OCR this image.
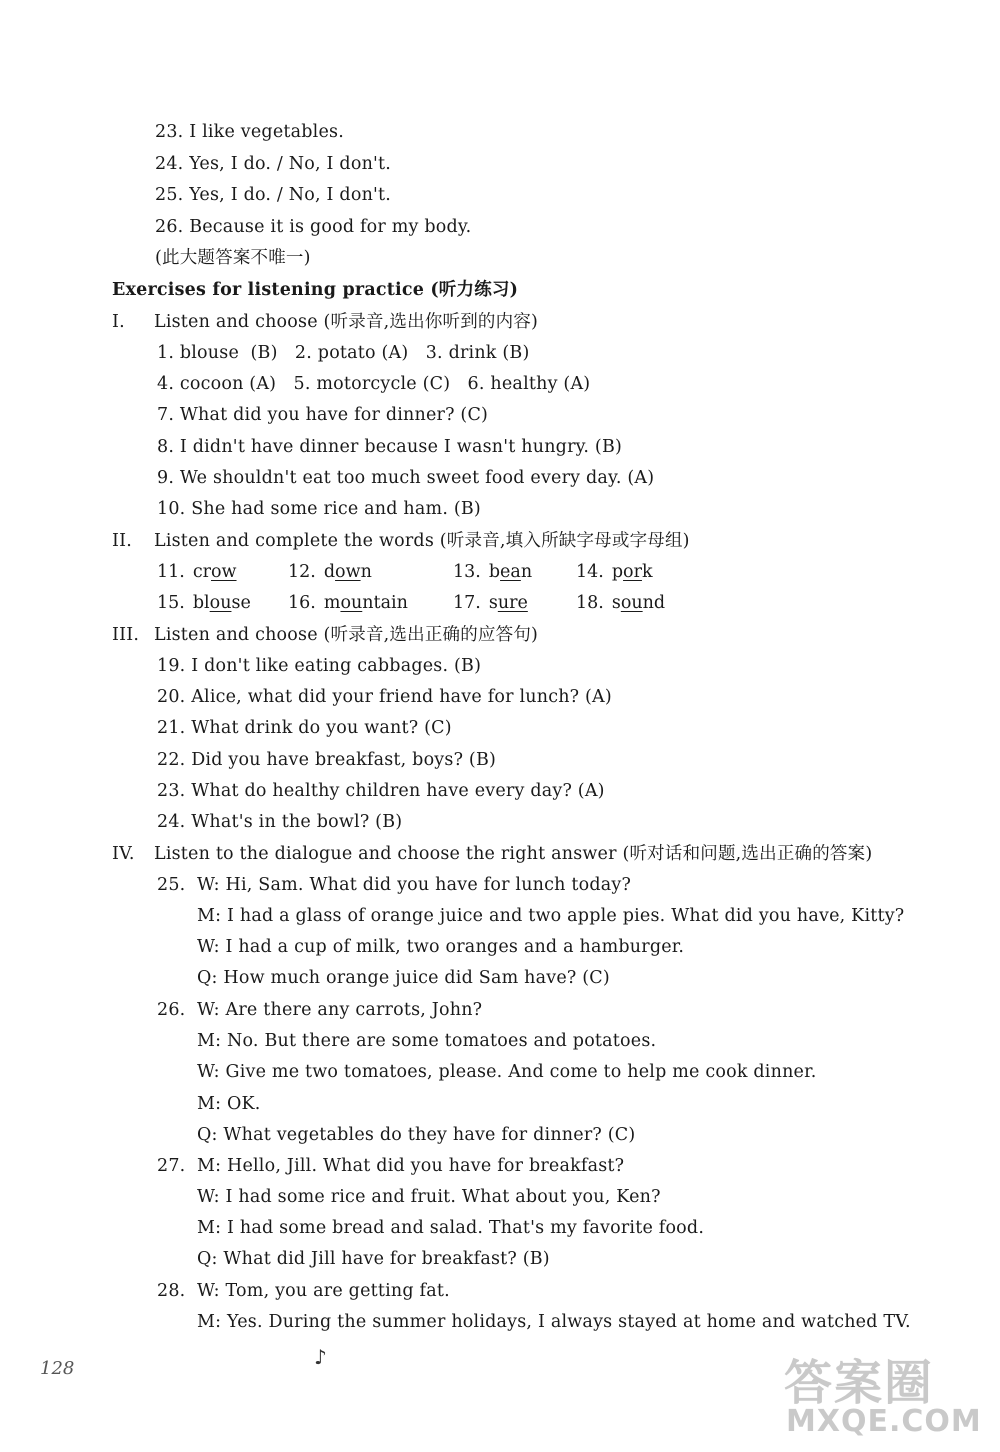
23. I like vegetables.
24. Yes, I do. / No, I don't.
25. Yes, I do. / No, I don't.
26. Because it is good for my body.
(此大题答案不唯一)
Exercises for listening practice (听力练习)
I. Listen and choose (听录音,选出你听到的内容)
1. blouse  (B)   2. potato (A)   3. drink (B)
4. cocoon (A)   5. motorcycle (C)   6. healthy (A)
7. What did you have for dinner? (C)
8. I didn't have dinner because I wasn't hungry. (B)
9. We shouldn't eat too much sweet food every day. (A)
10. She had some rice and ham. (B)
II. Listen and complete the words (听录音,填入所缺字母或字母组)
11. crow	12. down	13. bean	14. pork
15. blouse 16. mountain	17. sure	18. sound
III. Listen and choose (听录音,选出正确的应答句)
19. I don't like eating cabbages. (B)
20. Alice, what did your friend have for lunch? (A)
21. What drink do you want? (C)
22. Did you have breakfast, boys? (B)
23. What do healthy children have every day? (A)
24. What's in the bowl? (B)
IV. Listen to the dialogue and choose the right answer (听对话和问题,选出正确的答案)
25. W: Hi, Sam. What did you have for lunch today?
M: I had a glass of orange juice and two apple pies. What did you have, Kitty?
W: I had a cup of milk, two oranges and a hamburger.
Q: How much orange juice did Sam have? (C)
26. W: Are there any carrots, John?
M: No. But there are some tomatoes and potatoes.
W: Give me two tomatoes, please. And come to help me cook dinner.
M: OK.
Q: What vegetables do they have for dinner? (C)
27. M: Hello, Jill. What did you have for breakfast?
W: I had some rice and fruit. What about you, Ken?
M: I had some bread and salad. That's my favorite food.
Q: What did Jill have for breakfast? (B)
28. W: Tom, you are getting fat.
M: Yes. During the summer holidays, I always stayed at home and watched TV.
♪
128	答案圈
MXQE.COM
